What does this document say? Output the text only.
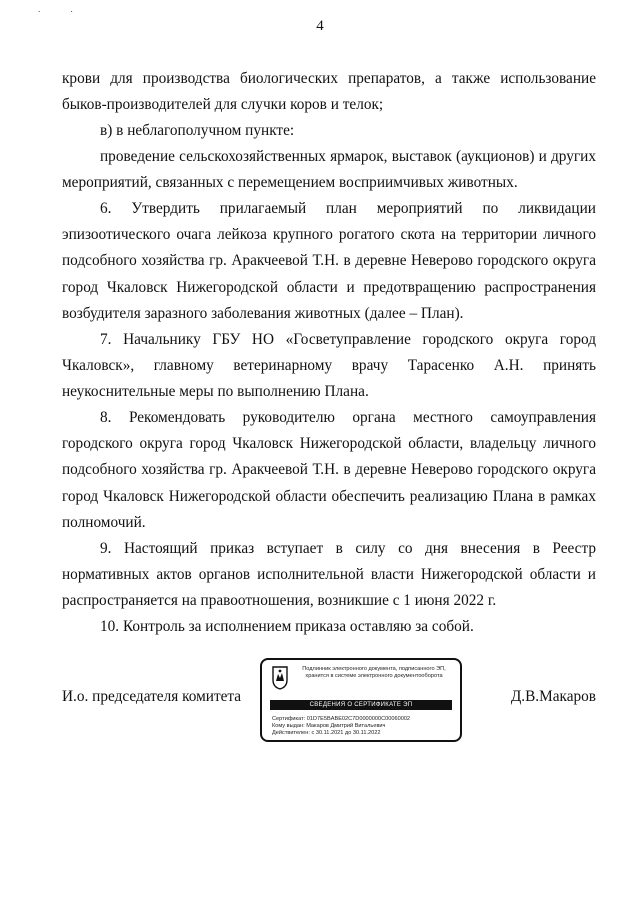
. .
4

крови для производства биологических препаратов, а также использование быков-производителей для случки коров и телок;

в) в неблагополучном пункте:

проведение сельскохозяйственных ярмарок, выставок (аукционов) и других мероприятий, связанных с перемещением восприимчивых животных.

6. Утвердить прилагаемый план мероприятий по ликвидации эпизоотического очага лейкоза крупного рогатого скота на территории личного подсобного хозяйства гр. Аракчеевой Т.Н. в деревне Неверово городского округа город Чкаловск Нижегородской области и предотвращению распространения возбудителя заразного заболевания животных (далее – План).

7. Начальнику ГБУ НО «Госветуправление городского округа город Чкаловск», главному ветеринарному врачу Тарасенко А.Н. принять неукоснительные меры по выполнению Плана.

8. Рекомендовать руководителю органа местного самоуправления городского округа город Чкаловск Нижегородской области, владельцу личного подсобного хозяйства гр. Аракчеевой Т.Н. в деревне Неверово городского округа город Чкаловск Нижегородской области обеспечить реализацию Плана в рамках полномочий.

9. Настоящий приказ вступает в силу со дня внесения в Реестр нормативных актов органов исполнительной власти Нижегородской области и распространяется на правоотношения, возникшие с 1 июня 2022 г.

10. Контроль за исполнением приказа оставляю за собой.

И.о. председателя комитета	Д.В.Макаров
Подлинник электронного документа, подписанного ЭП,
хранится в системе электронного документооборота
СВЕДЕНИЯ О СЕРТИФИКАТЕ ЭП
Сертификат: 01D7E5BABE02C7D0000000C00060002
Кому выдан: Макаров Дмитрий Витальевич
Действителен: с 30.11.2021 до 30.11.2022
